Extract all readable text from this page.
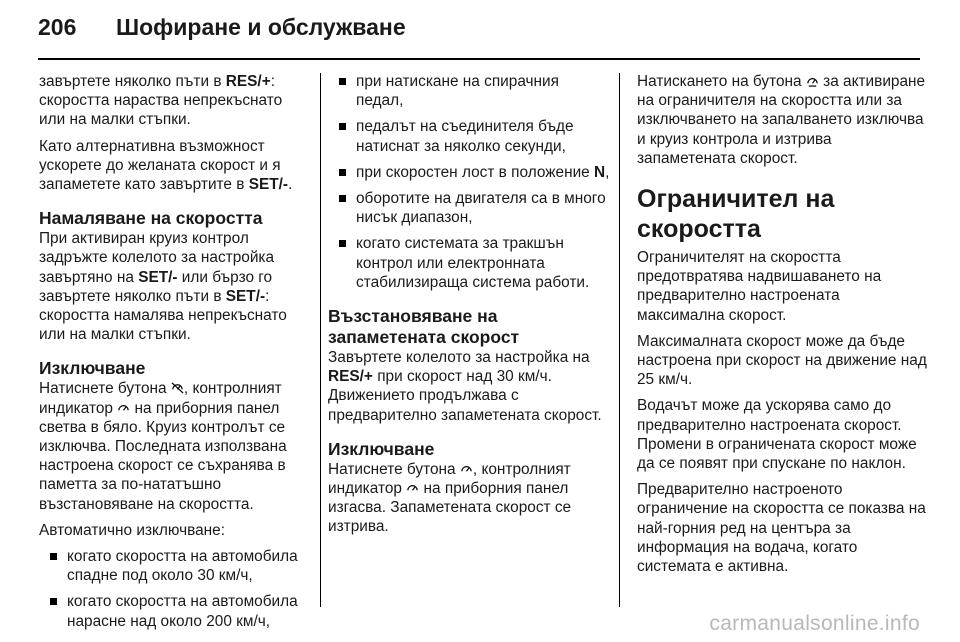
206 Шофиране и обслужване

завъртете няколко пъти в RES/+: скоростта нараства непрекъснато или на малки стъпки.

Като алтернативна възможност ускорете до желаната скорост и я запаметете като завъртите в SET/-.

Намаляване на скоростта

При активиран круиз контрол задръжте колелото за настройка завъртяно на SET/- или бързо го завъртете няколко пъти в SET/-: скоростта намалява непрекъснато или на малки стъпки.

Изключване

Натиснете бутона , контролният индикатор  на приборния панел светва в бяло. Круиз контролът се изключва. Последната използвана настроена скорост се съхранява в паметта за по-нататъшно възстановяване на скоростта.

Автоматично изключване:

когато скоростта на автомобила спадне под около 30 км/ч,
когато скоростта на автомобила нарасне над около 200 км/ч,
при натискане на спирачния педал,
педалът на съединителя бъде натиснат за няколко секунди,
при скоростен лост в положение N,
оборотите на двигателя са в много нисък диапазон,
когато системата за тракшън контрол или електронната стабилизираща система работи.
Възстановяване на запаметената скорост

Завъртете колелото за настройка на RES/+ при скорост над 30 км/ч. Движението продължава с предварително запаметената скорост.

Изключване

Натиснете бутона , контролният индикатор  на приборния панел изгасва. Запаметената скорост се изтрива.

Натискането на бутона  за активиране на ограничителя на скоростта или за изключването на запалването изключва и круиз контрола и изтрива запаметената скорост.

Ограничител на скоростта

Ограничителят на скоростта предотвратява надвишаването на предварително настроената максимална скорост.

Максималната скорост може да бъде настроена при скорост на движение над 25 км/ч.

Водачът може да ускорява само до предварително настроената скорост. Промени в ограничената скорост може да се появят при спускане по наклон.

Предварително настроеното ограничение на скоростта се показва на най-горния ред на центъра за информация на водача, когато системата е активна.

carmanualsonline.info
